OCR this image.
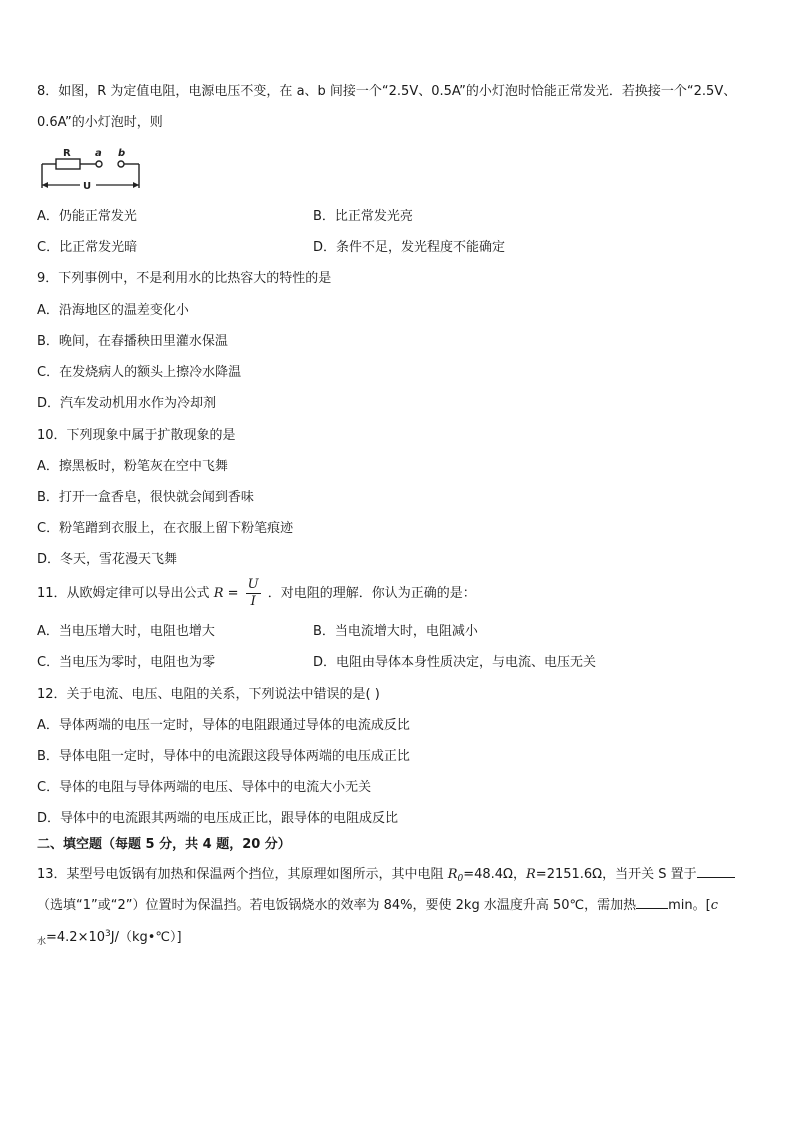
8．如图，R 为定值电阻，电源电压不变，在 a、b 间接一个“2.5V、0.5A”的小灯泡时恰能正常发光．若换接一个“2.5V、
0.6A”的小灯泡时，则
R a b
U
A．仍能正常发光	B．比正常发光亮
C．比正常发光暗	D．条件不足，发光程度不能确定
9．下列事例中，不是利用水的比热容大的特性的是
A．沿海地区的温差变化小
B．晚间，在春播秧田里灌水保温
C．在发烧病人的额头上擦冷水降温
D．汽车发动机用水作为冷却剂
10．下列现象中属于扩散现象的是
A．擦黑板时，粉笔灰在空中飞舞
B．打开一盒香皂，很快就会闻到香味
C．粉笔蹭到衣服上，在衣服上留下粉笔痕迹
D．冬天，雪花漫天飞舞
11．从欧姆定律可以导出公式 $R = \frac{U}{I}$ ．对电阻的理解．你认为正确的是：
A．当电压增大时，电阻也增大	B．当电流增大时，电阻减小
C．当电压为零时，电阻也为零	D．电阻由导体本身性质决定，与电流、电压无关
12．关于电流、电压、电阻的关系，下列说法中错误的是( )
A．导体两端的电压一定时，导体的电阻跟通过导体的电流成反比
B．导体电阻一定时，导体中的电流跟这段导体两端的电压成正比
C．导体的电阻与导体两端的电压、导体中的电流大小无关
D．导体中的电流跟其两端的电压成正比，跟导体的电阻成反比
二、填空题（每题 5 分，共 4 题，20 分）
13．某型号电饭锅有加热和保温两个挡位，其原理如图所示，其中电阻 $R_0=48.4\Omega$，R=2151.6Ω，当开关 S 置于
（选填“1”或“2”）位置时为保温挡。若电饭锅烧水的效率为 84%，要使 2kg 水温度升高 50℃，需加热 min。[c
$_水=4.2\times 10^3J/(kg•℃)$]
